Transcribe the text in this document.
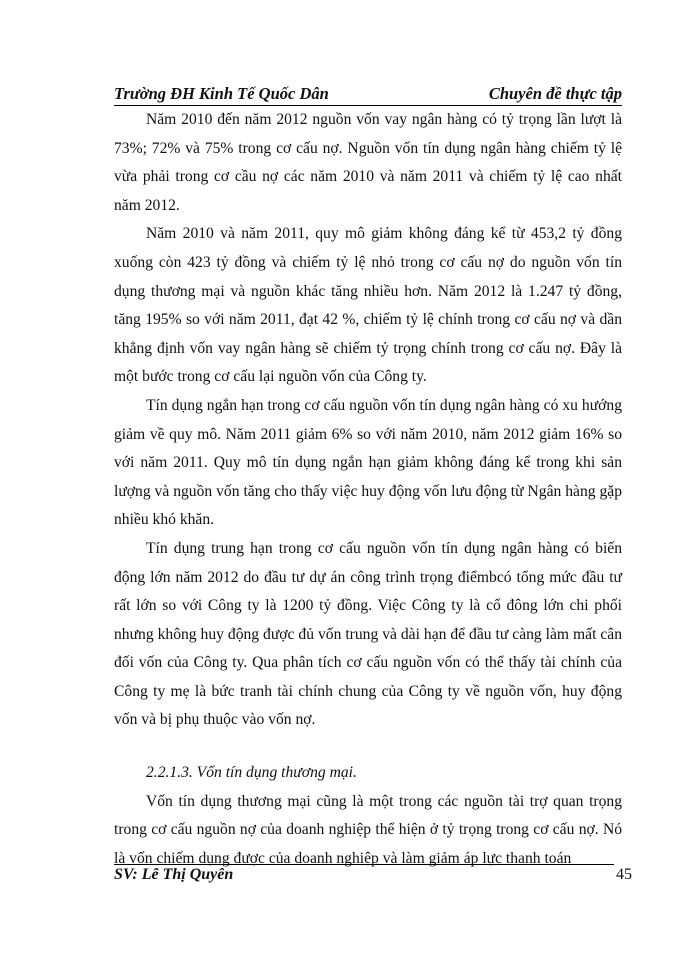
Trường ĐH Kinh Tế Quốc Dân	Chuyên đề thực tập

Năm 2010 đến năm 2012 nguồn vốn vay ngân hàng có tỷ trọng lần lượt là 73%; 72% và 75% trong cơ cấu nợ. Nguồn vốn tín dụng ngân hàng chiếm tỷ lệ vừa phải trong cơ cầu nợ các năm 2010 và năm 2011 và chiếm tỷ lệ cao nhất năm 2012.

Năm 2010 và năm 2011, quy mô giảm không đáng kể từ 453,2 tỷ đồng xuống còn 423 tỷ đồng và chiếm tỷ lệ nhỏ trong cơ cấu nợ do nguồn vốn tín dụng thương mại và nguồn khác tăng nhiều hơn. Năm 2012 là 1.247 tỷ đồng, tăng 195% so với năm 2011, đạt 42 %, chiếm tỷ lệ chính trong cơ cấu nợ và dần khẳng định vốn vay ngân hàng sẽ chiếm tỷ trọng chính trong cơ cấu nợ. Đây là một bước trong cơ cấu lại nguồn vốn của Công ty.

Tín dụng ngắn hạn trong cơ cấu nguồn vốn tín dụng ngân hàng có xu hướng giảm về quy mô. Năm 2011 giảm 6% so với năm 2010, năm 2012 giảm 16% so với năm 2011. Quy mô tín dụng ngắn hạn giảm không đáng kể trong khi sản lượng và nguồn vốn tăng cho thấy việc huy động vốn lưu động từ Ngân hàng gặp nhiều khó khăn.

Tín dụng trung hạn trong cơ cấu nguồn vốn tín dụng ngân hàng có biến động lớn năm 2012 do đầu tư dự án công trình trọng điểmbcó tổng mức đầu tư rất lớn so với Công ty là 1200 tỷ đồng. Việc Công ty là cổ đông lớn chi phối nhưng không huy động được đủ vốn trung và dài hạn để đầu tư càng làm mất cân đối vốn của Công ty. Qua phân tích cơ cấu nguồn vốn có thể thấy tài chính của Công ty mẹ là bức tranh tài chính chung của Công ty về nguồn vốn, huy động vốn và bị phụ thuộc vào vốn nợ.

2.2.1.3. Vốn tín dụng thương mại.

Vốn tín dụng thương mại cũng là một trong các nguồn tài trợ quan trọng trong cơ cấu nguồn nợ của doanh nghiệp thể hiện ở tỷ trọng trong cơ cấu nợ. Nó là vốn chiếm dụng được của doanh nghiệp và làm giảm áp lực thanh toán

SV: Lê Thị Quyên	45
